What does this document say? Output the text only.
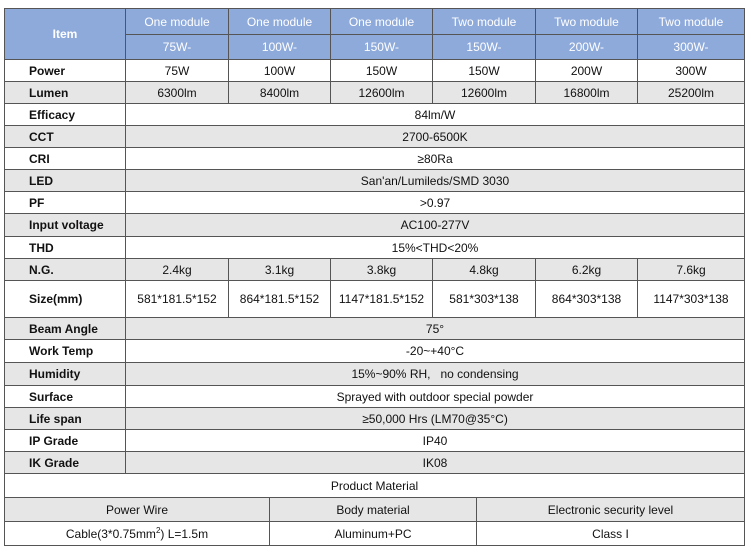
Item	One module	One module	One module	Two module	Two module	Two module
	75W-	100W-	150W-	150W-	200W-	300W-
Power	75W	100W	150W	150W	200W	300W
Lumen	6300lm	8400lm	12600lm	12600lm	16800lm	25200lm
Efficacy	84lm/W					
CCT	2700-6500K					
CRI	≥80Ra					
LED	San'an/Lumileds/SMD 3030					
PF	>0.97					
Input voltage	AC100-277V					
THD	15%<THD<20%					
N.G.	2.4kg	3.1kg	3.8kg	4.8kg	6.2kg	7.6kg
Size(mm)	581*181.5*152	864*181.5*152	1147*181.5*152	581*303*138	864*303*138	1147*303*138
Beam Angle	75°					
Work Temp	-20~+40°C					
Humidity	15%~90% RH,   no condensing					
Surface	Sprayed with outdoor special powder					
Life span	≥50,000 Hrs (LM70@35°C)					
IP Grade	IP40					
IK Grade	IK08					
Product Material		
Power Wire	Body material	Electronic security level
$Cable(3*0.75mm^2)$ L=1.5m	Aluminum+PC	Class I
